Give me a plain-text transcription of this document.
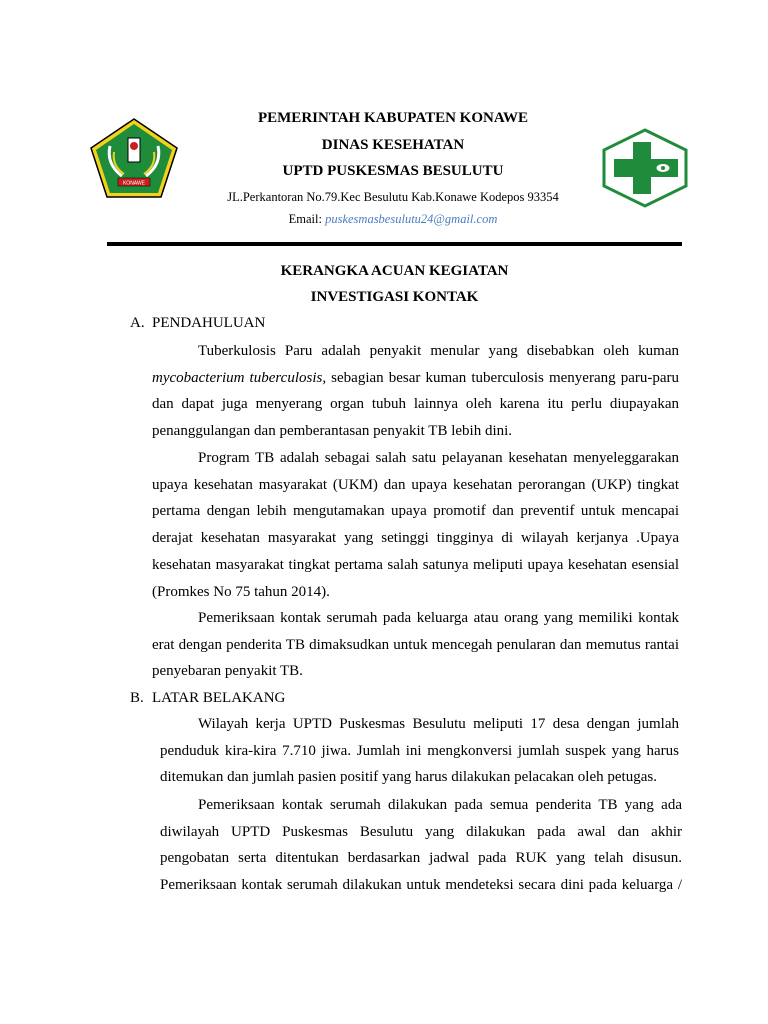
KONAWE
PEMERINTAH KABUPATEN KONAWE
DINAS KESEHATAN
UPTD PUSKESMAS BESULUTU
JL.Perkantoran No.79.Kec Besulutu Kab.Konawe Kodepos 93354
Email: puskesmasbesulutu24@gmail.com
KERANGKA ACUAN KEGIATAN
INVESTIGASI KONTAK
A. PENDAHULUAN
Tuberkulosis Paru adalah penyakit menular yang disebabkan oleh kuman
mycobacterium tuberculosis, sebagian besar kuman tuberculosis menyerang paru-paru
dan dapat juga menyerang organ tubuh lainnya oleh karena itu perlu diupayakan
penanggulangan dan pemberantasan penyakit TB lebih dini.
Program TB adalah sebagai salah satu pelayanan kesehatan menyeleggarakan
upaya kesehatan masyarakat (UKM) dan upaya kesehatan perorangan (UKP) tingkat
pertama dengan lebih mengutamakan upaya promotif dan preventif untuk mencapai
derajat kesehatan masyarakat yang setinggi tingginya di wilayah kerjanya .Upaya
kesehatan masyarakat tingkat pertama salah satunya meliputi upaya kesehatan esensial
(Promkes No 75 tahun 2014).
Pemeriksaan kontak serumah pada keluarga atau orang yang memiliki kontak
erat dengan penderita TB dimaksudkan untuk mencegah penularan dan memutus rantai
penyebaran penyakit TB.
B. LATAR BELAKANG
Wilayah kerja UPTD Puskesmas Besulutu meliputi 17 desa dengan jumlah
penduduk kira-kira 7.710 jiwa. Jumlah ini mengkonversi jumlah suspek yang harus
ditemukan dan jumlah pasien positif yang harus dilakukan pelacakan oleh petugas.
Pemeriksaan kontak serumah dilakukan pada semua penderita TB yang ada
diwilayah UPTD Puskesmas Besulutu yang dilakukan pada awal dan akhir
pengobatan serta ditentukan berdasarkan jadwal pada RUK yang telah disusun.
Pemeriksaan kontak serumah dilakukan untuk mendeteksi secara dini pada keluarga /
